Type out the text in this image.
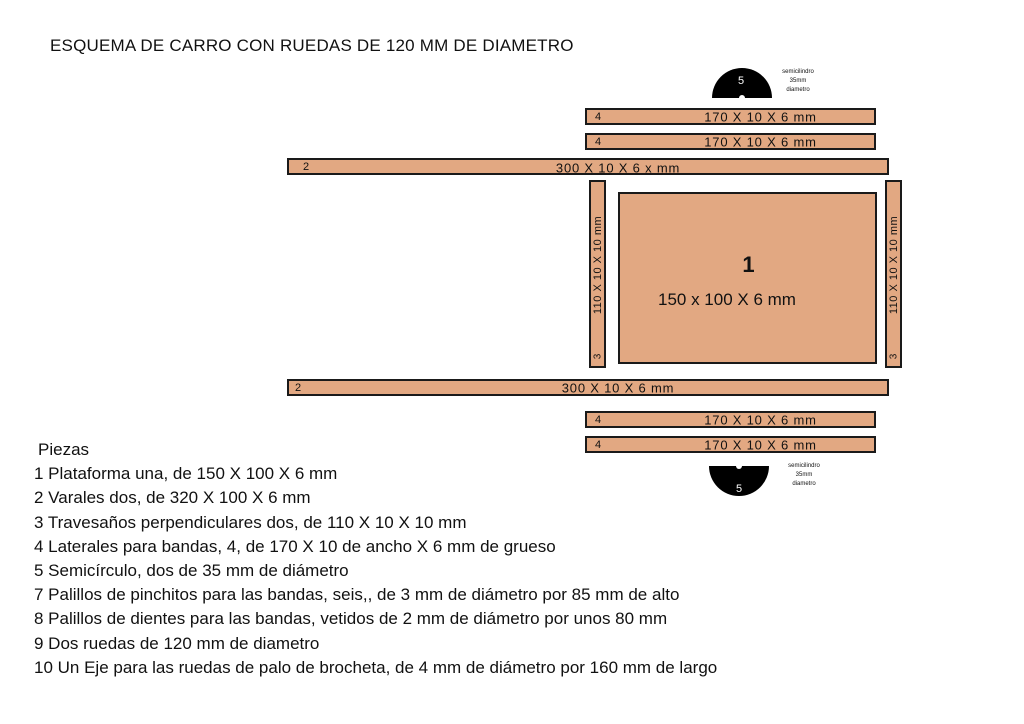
ESQUEMA DE CARRO CON RUEDAS DE 120 MM DE DIAMETRO
5
semicilindro
35mm
diametro
4	170 X 10 X 6 mm
4	170 X 10 X 6 mm
2	300 X 10 X 6 x mm
110 X 10 X 10 mm
3
110 X 10 X 10 mm
3
1
150 x 100 X 6 mm
2	300 X 10 X 6 mm
4	170 X 10 X 6 mm
4	170 X 10 X 6 mm
5
semicilindro
35mm
diametro
Piezas
1 Plataforma una, de 150 X 100 X 6 mm
2 Varales dos, de 320 X 100 X 6 mm
3 Travesaños perpendiculares dos, de 110 X 10 X 10 mm
4 Laterales para bandas, 4, de 170 X 10 de ancho X 6 mm de grueso
5 Semicírculo, dos de 35 mm de diámetro
7 Palillos de pinchitos para las bandas, seis,, de 3 mm de diámetro por 85 mm de alto
8 Palillos de dientes para las bandas, vetidos de 2 mm de diámetro por unos 80 mm
9 Dos ruedas de 120 mm de diametro
10 Un Eje para las ruedas de palo de brocheta, de 4 mm de diámetro por 160 mm de largo
